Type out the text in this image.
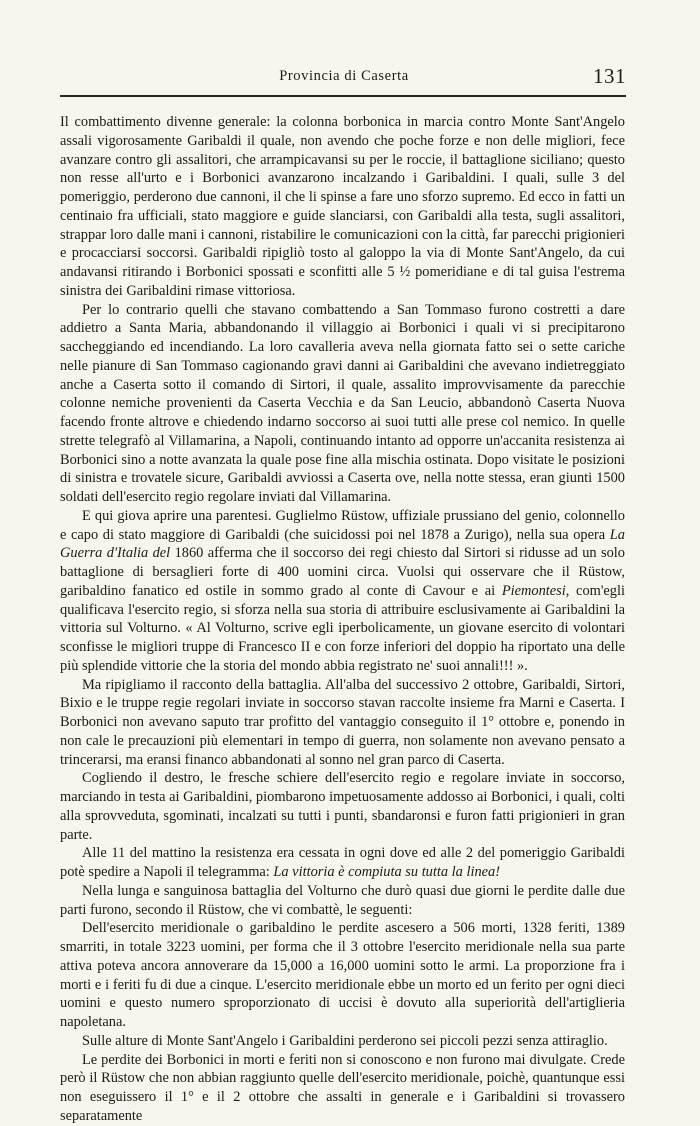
Provincia di Caserta	131

Il combattimento divenne generale: la colonna borbonica in marcia contro Monte Sant'Angelo assali vigorosamente Garibaldi il quale, non avendo che poche forze e non delle migliori, fece avanzare contro gli assalitori, che arrampicavansi su per le roccie, il battaglione siciliano; questo non resse all'urto e i Borbonici avanzarono incalzando i Garibaldini. I quali, sulle 3 del pomeriggio, perderono due cannoni, il che li spinse a fare uno sforzo supremo. Ed ecco in fatti un centinaio fra ufficiali, stato maggiore e guide slanciarsi, con Garibaldi alla testa, sugli assalitori, strappar loro dalle mani i cannoni, ristabilire le comunicazioni con la città, far parecchi prigionieri e procacciarsi soccorsi. Garibaldi ripigliò tosto al galoppo la via di Monte Sant'Angelo, da cui andavansi ritirando i Borbonici spossati e sconfitti alle 5 ½ pomeridiane e di tal guisa l'estrema sinistra dei Garibaldini rimase vittoriosa.

Per lo contrario quelli che stavano combattendo a San Tommaso furono costretti a dare addietro a Santa Maria, abbandonando il villaggio ai Borbonici i quali vi si precipitarono saccheggiando ed incendiando. La loro cavalleria aveva nella giornata fatto sei o sette cariche nelle pianure di San Tommaso cagionando gravi danni ai Garibaldini che avevano indietreggiato anche a Caserta sotto il comando di Sirtori, il quale, assalito improvvisamente da parecchie colonne nemiche provenienti da Caserta Vecchia e da San Leucio, abbandonò Caserta Nuova facendo fronte altrove e chiedendo indarno soccorso ai suoi tutti alle prese col nemico. In quelle strette telegrafò al Villamarina, a Napoli, continuando intanto ad opporre un'accanita resistenza ai Borbonici sino a notte avanzata la quale pose fine alla mischia ostinata. Dopo visitate le posizioni di sinistra e trovatele sicure, Garibaldi avviossi a Caserta ove, nella notte stessa, eran giunti 1500 soldati dell'esercito regio regolare inviati dal Villamarina.

E qui giova aprire una parentesi. Guglielmo Rüstow, uffiziale prussiano del genio, colonnello e capo di stato maggiore di Garibaldi (che suicidossi poi nel 1878 a Zurigo), nella sua opera La Guerra d'Italia del 1860 afferma che il soccorso dei regi chiesto dal Sirtori si ridusse ad un solo battaglione di bersaglieri forte di 400 uomini circa. Vuolsi qui osservare che il Rüstow, garibaldino fanatico ed ostile in sommo grado al conte di Cavour e ai Piemontesi, com'egli qualificava l'esercito regio, si sforza nella sua storia di attribuire esclusivamente ai Garibaldini la vittoria sul Volturno. « Al Volturno, scrive egli iperbolicamente, un giovane esercito di volontari sconfisse le migliori truppe di Francesco II e con forze inferiori del doppio ha riportato una delle più splendide vittorie che la storia del mondo abbia registrato ne' suoi annali!!! ».

Ma ripigliamo il racconto della battaglia. All'alba del successivo 2 ottobre, Garibaldi, Sirtori, Bixio e le truppe regie regolari inviate in soccorso stavan raccolte insieme fra Marni e Caserta. I Borbonici non avevano saputo trar profitto del vantaggio conseguito il 1° ottobre e, ponendo in non cale le precauzioni più elementari in tempo di guerra, non solamente non avevano pensato a trincerarsi, ma eransi financo abbandonati al sonno nel gran parco di Caserta.

Cogliendo il destro, le fresche schiere dell'esercito regio e regolare inviate in soccorso, marciando in testa ai Garibaldini, piombarono impetuosamente addosso ai Borbonici, i quali, colti alla sprovveduta, sgominati, incalzati su tutti i punti, sbandaronsi e furon fatti prigionieri in gran parte.

Alle 11 del mattino la resistenza era cessata in ogni dove ed alle 2 del pomeriggio Garibaldi potè spedire a Napoli il telegramma: La vittoria è compiuta su tutta la linea!

Nella lunga e sanguinosa battaglia del Volturno che durò quasi due giorni le perdite dalle due parti furono, secondo il Rüstow, che vi combattè, le seguenti:

Dell'esercito meridionale o garibaldino le perdite ascesero a 506 morti, 1328 feriti, 1389 smarriti, in totale 3223 uomini, per forma che il 3 ottobre l'esercito meridionale nella sua parte attiva poteva ancora annoverare da 15,000 a 16,000 uomini sotto le armi. La proporzione fra i morti e i feriti fu di due a cinque. L'esercito meridionale ebbe un morto ed un ferito per ogni dieci uomini e questo numero sproporzionato di uccisi è dovuto alla superiorità dell'artiglieria napoletana.

Sulle alture di Monte Sant'Angelo i Garibaldini perderono sei piccoli pezzi senza attiraglio.

Le perdite dei Borbonici in morti e feriti non si conoscono e non furono mai divulgate. Crede però il Rüstow che non abbian raggiunto quelle dell'esercito meridionale, poichè, quantunque essi non eseguissero il 1° e il 2 ottobre che assalti in generale e i Garibaldini si trovassero separatamente
